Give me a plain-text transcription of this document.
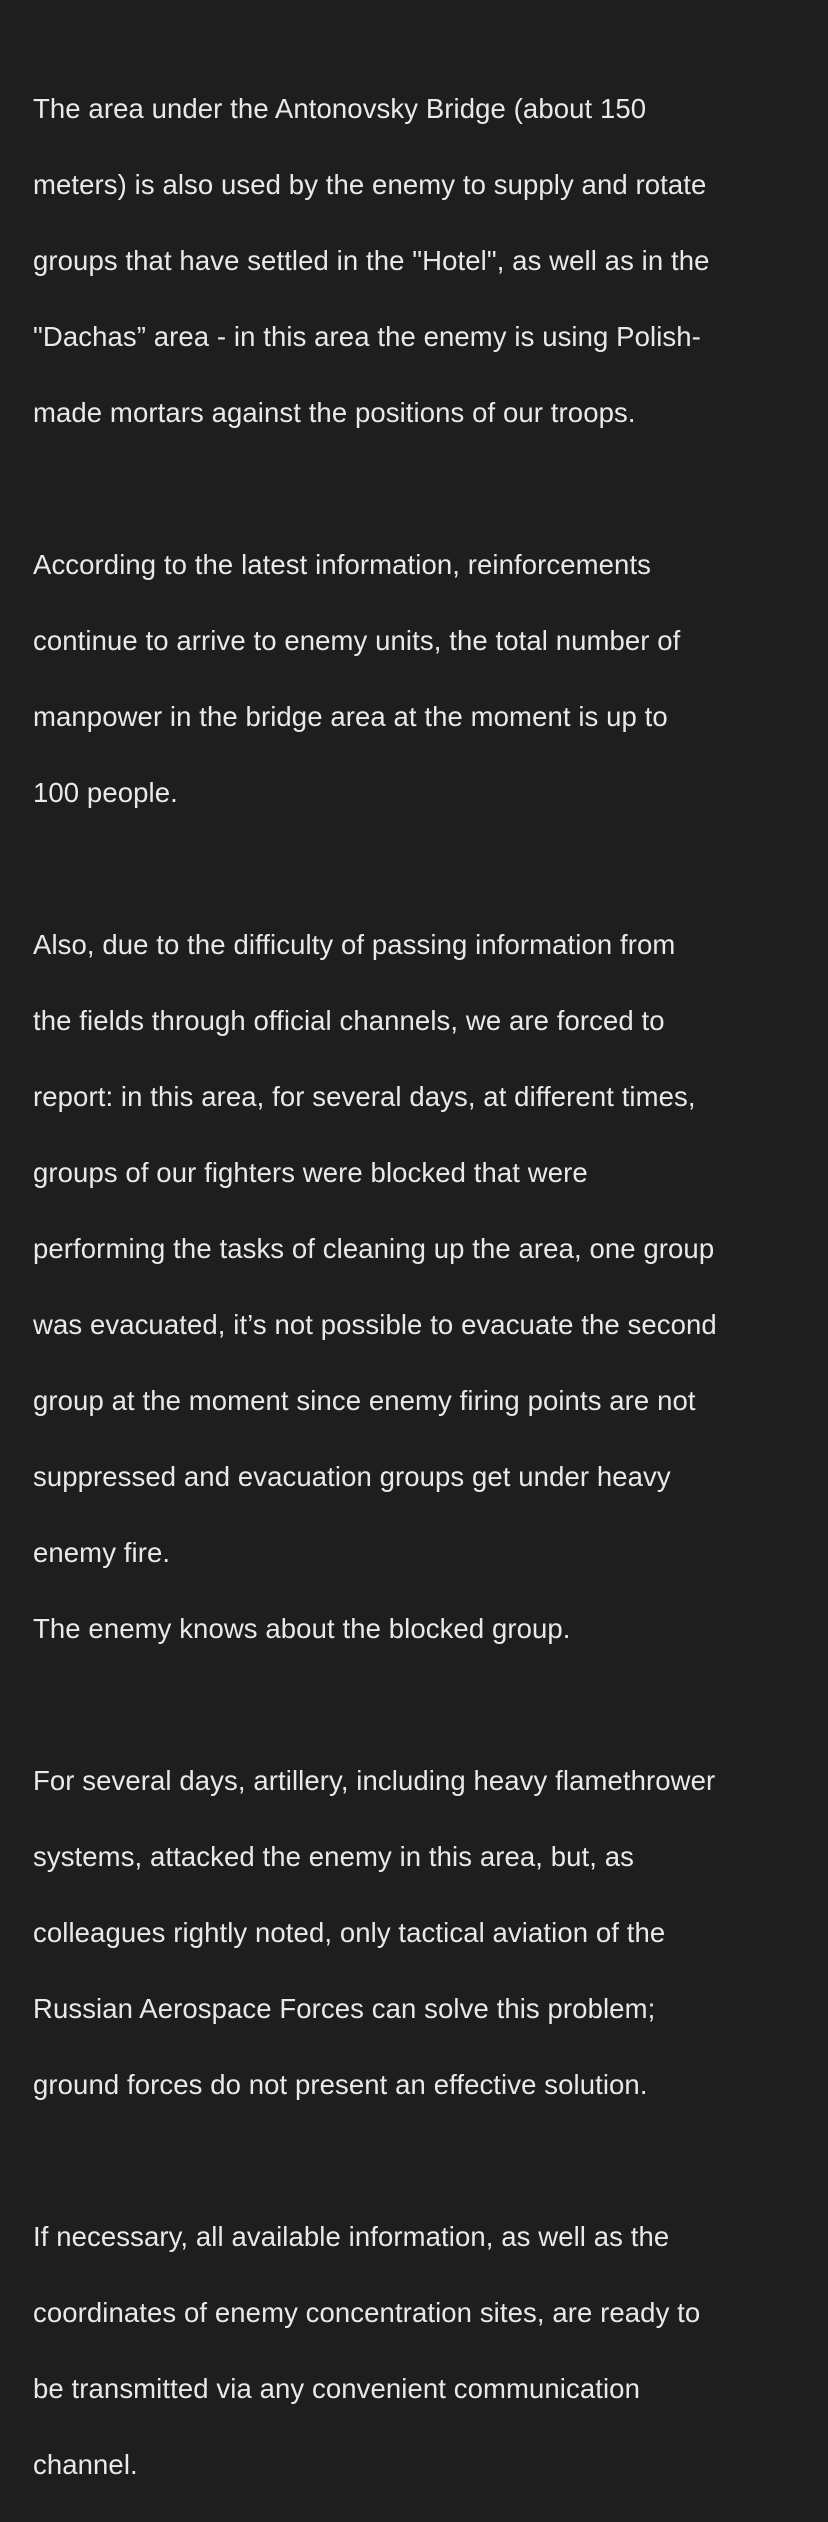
The area under the Antonovsky Bridge (about 150

meters) is also used by the enemy to supply and rotate

groups that have settled in the "Hotel", as well as in the

"Dachas” area - in this area the enemy is using Polish-

made mortars against the positions of our troops.

According to the latest information, reinforcements

continue to arrive to enemy units, the total number of

manpower in the bridge area at the moment is up to

100 people.

Also, due to the difficulty of passing information from

the fields through official channels, we are forced to

report: in this area, for several days, at different times,

groups of our fighters were blocked that were

performing the tasks of cleaning up the area, one group

was evacuated, it’s not possible to evacuate the second

group at the moment since enemy firing points are not

suppressed and evacuation groups get under heavy

enemy fire.

The enemy knows about the blocked group.

For several days, artillery, including heavy flamethrower

systems, attacked the enemy in this area, but, as

colleagues rightly noted, only tactical aviation of the

Russian Aerospace Forces can solve this problem;

ground forces do not present an effective solution.

If necessary, all available information, as well as the

coordinates of enemy concentration sites, are ready to

be transmitted via any convenient communication

channel.
